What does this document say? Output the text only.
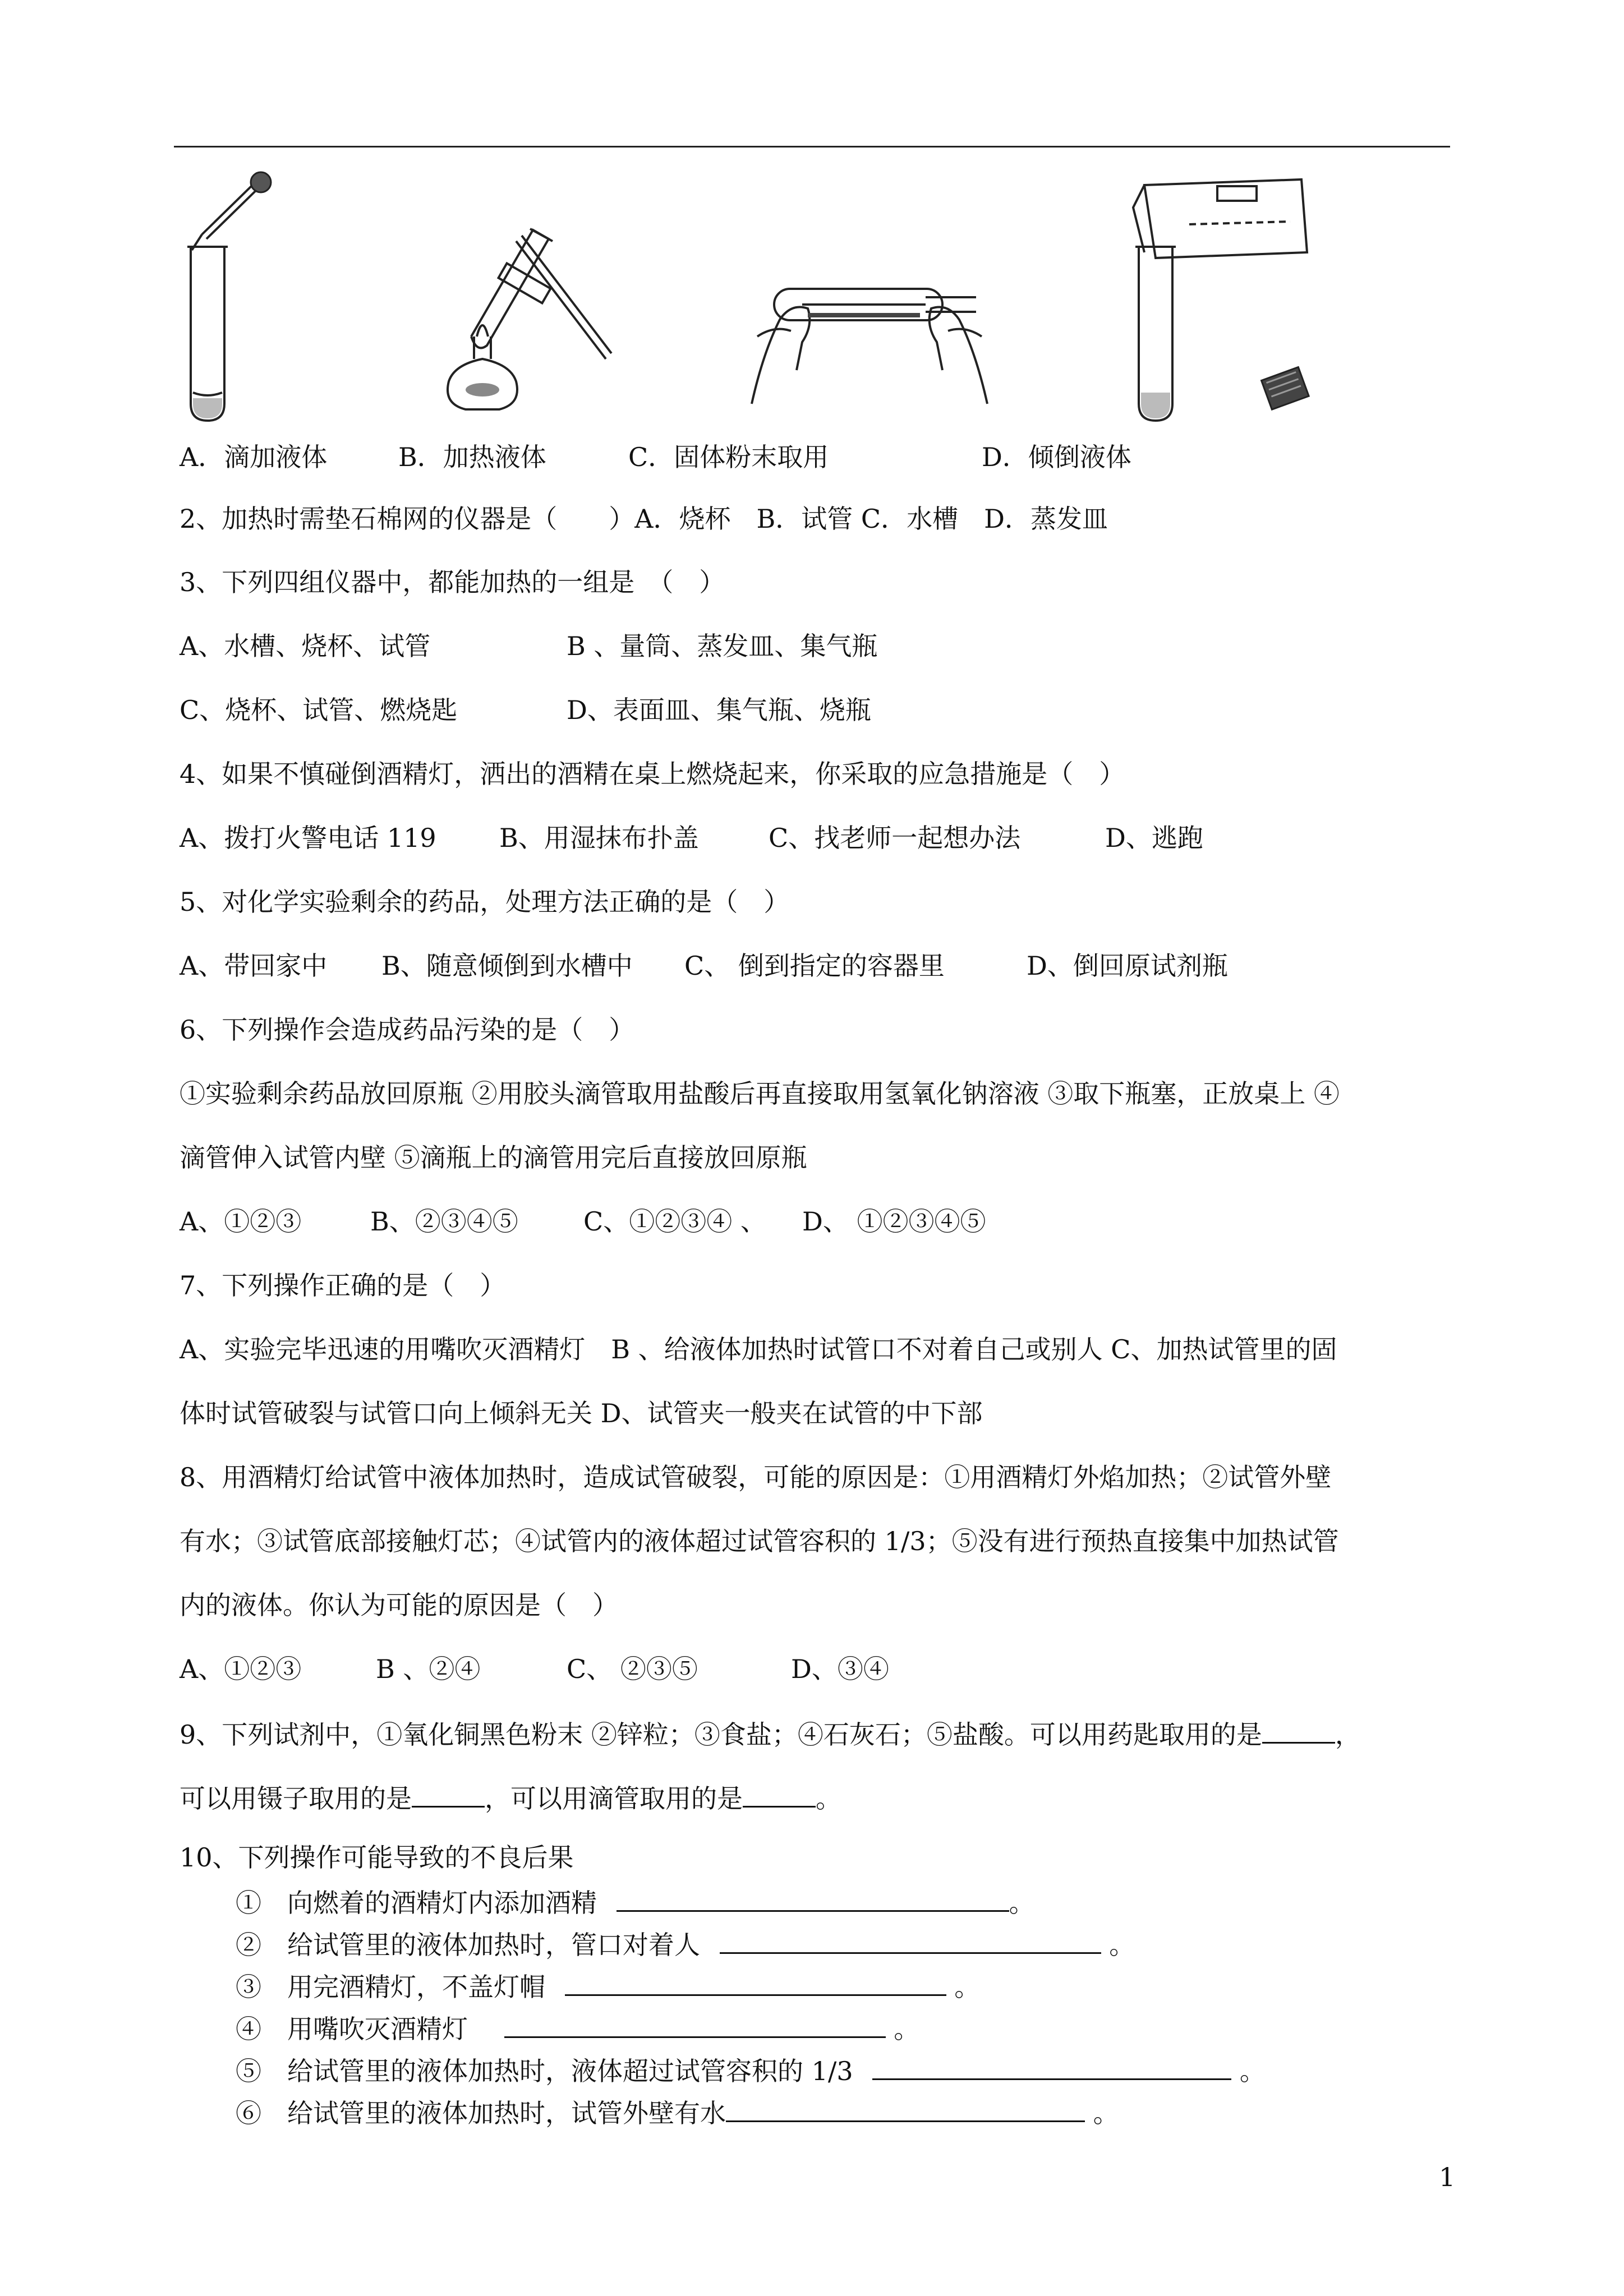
A．滴加液体	B．加热液体	C．固体粉末取用	D．倾倒液体
2、加热时需垫石棉网的仪器是（　　）A．烧杯　B．试管 C．水槽　D．蒸发皿
3、下列四组仪器中，都能加热的一组是　（　）
A、水槽、烧杯、试管	B 、量筒、蒸发皿、集气瓶
C、烧杯、试管、燃烧匙	D、表面皿、集气瓶、烧瓶
4、如果不慎碰倒酒精灯，洒出的酒精在桌上燃烧起来，你采取的应急措施是（　）
A、拨打火警电话 119 B、用湿抹布扑盖	C、找老师一起想办法	D、逃跑
5、对化学实验剩余的药品，处理方法正确的是（　）
A、带回家中 B、随意倾倒到水槽中 C、 倒到指定的容器里	D、倒回原试剂瓶
6、下列操作会造成药品污染的是（　）
①实验剩余药品放回原瓶 ②用胶头滴管取用盐酸后再直接取用氢氧化钠溶液 ③取下瓶塞，正放桌上 ④
滴管伸入试管内壁 ⑤滴瓶上的滴管用完后直接放回原瓶
A、①②③	B、②③④⑤	C、①②③④ 、 D、 ①②③④⑤
7、下列操作正确的是（　）
A、实验完毕迅速的用嘴吹灭酒精灯　B 、给液体加热时试管口不对着自己或别人 C、加热试管里的固
体时试管破裂与试管口向上倾斜无关 D、试管夹一般夹在试管的中下部
8、用酒精灯给试管中液体加热时，造成试管破裂，可能的原因是：①用酒精灯外焰加热；②试管外壁
有水；③试管底部接触灯芯；④试管内的液体超过试管容积的 1/3；⑤没有进行预热直接集中加热试管
内的液体。你认为可能的原因是（　）
A、①②③	B 、②④	C、 ②③⑤	D、③④
9、下列试剂中，①氧化铜黑色粉末 ②锌粒；③食盐；④石灰石；⑤盐酸。可以用药匙取用的是	，
可以用镊子取用的是	，可以用滴管取用的是	。
10、下列操作可能导致的不良后果
①　向燃着的酒精灯内添加酒精	。
②　给试管里的液体加热时，管口对着人	。
③　用完酒精灯，不盖灯帽	。
④　用嘴吹灭酒精灯	。
⑤　给试管里的液体加热时，液体超过试管容积的 1/3	。
⑥　给试管里的液体加热时，试管外壁有水	。
1
